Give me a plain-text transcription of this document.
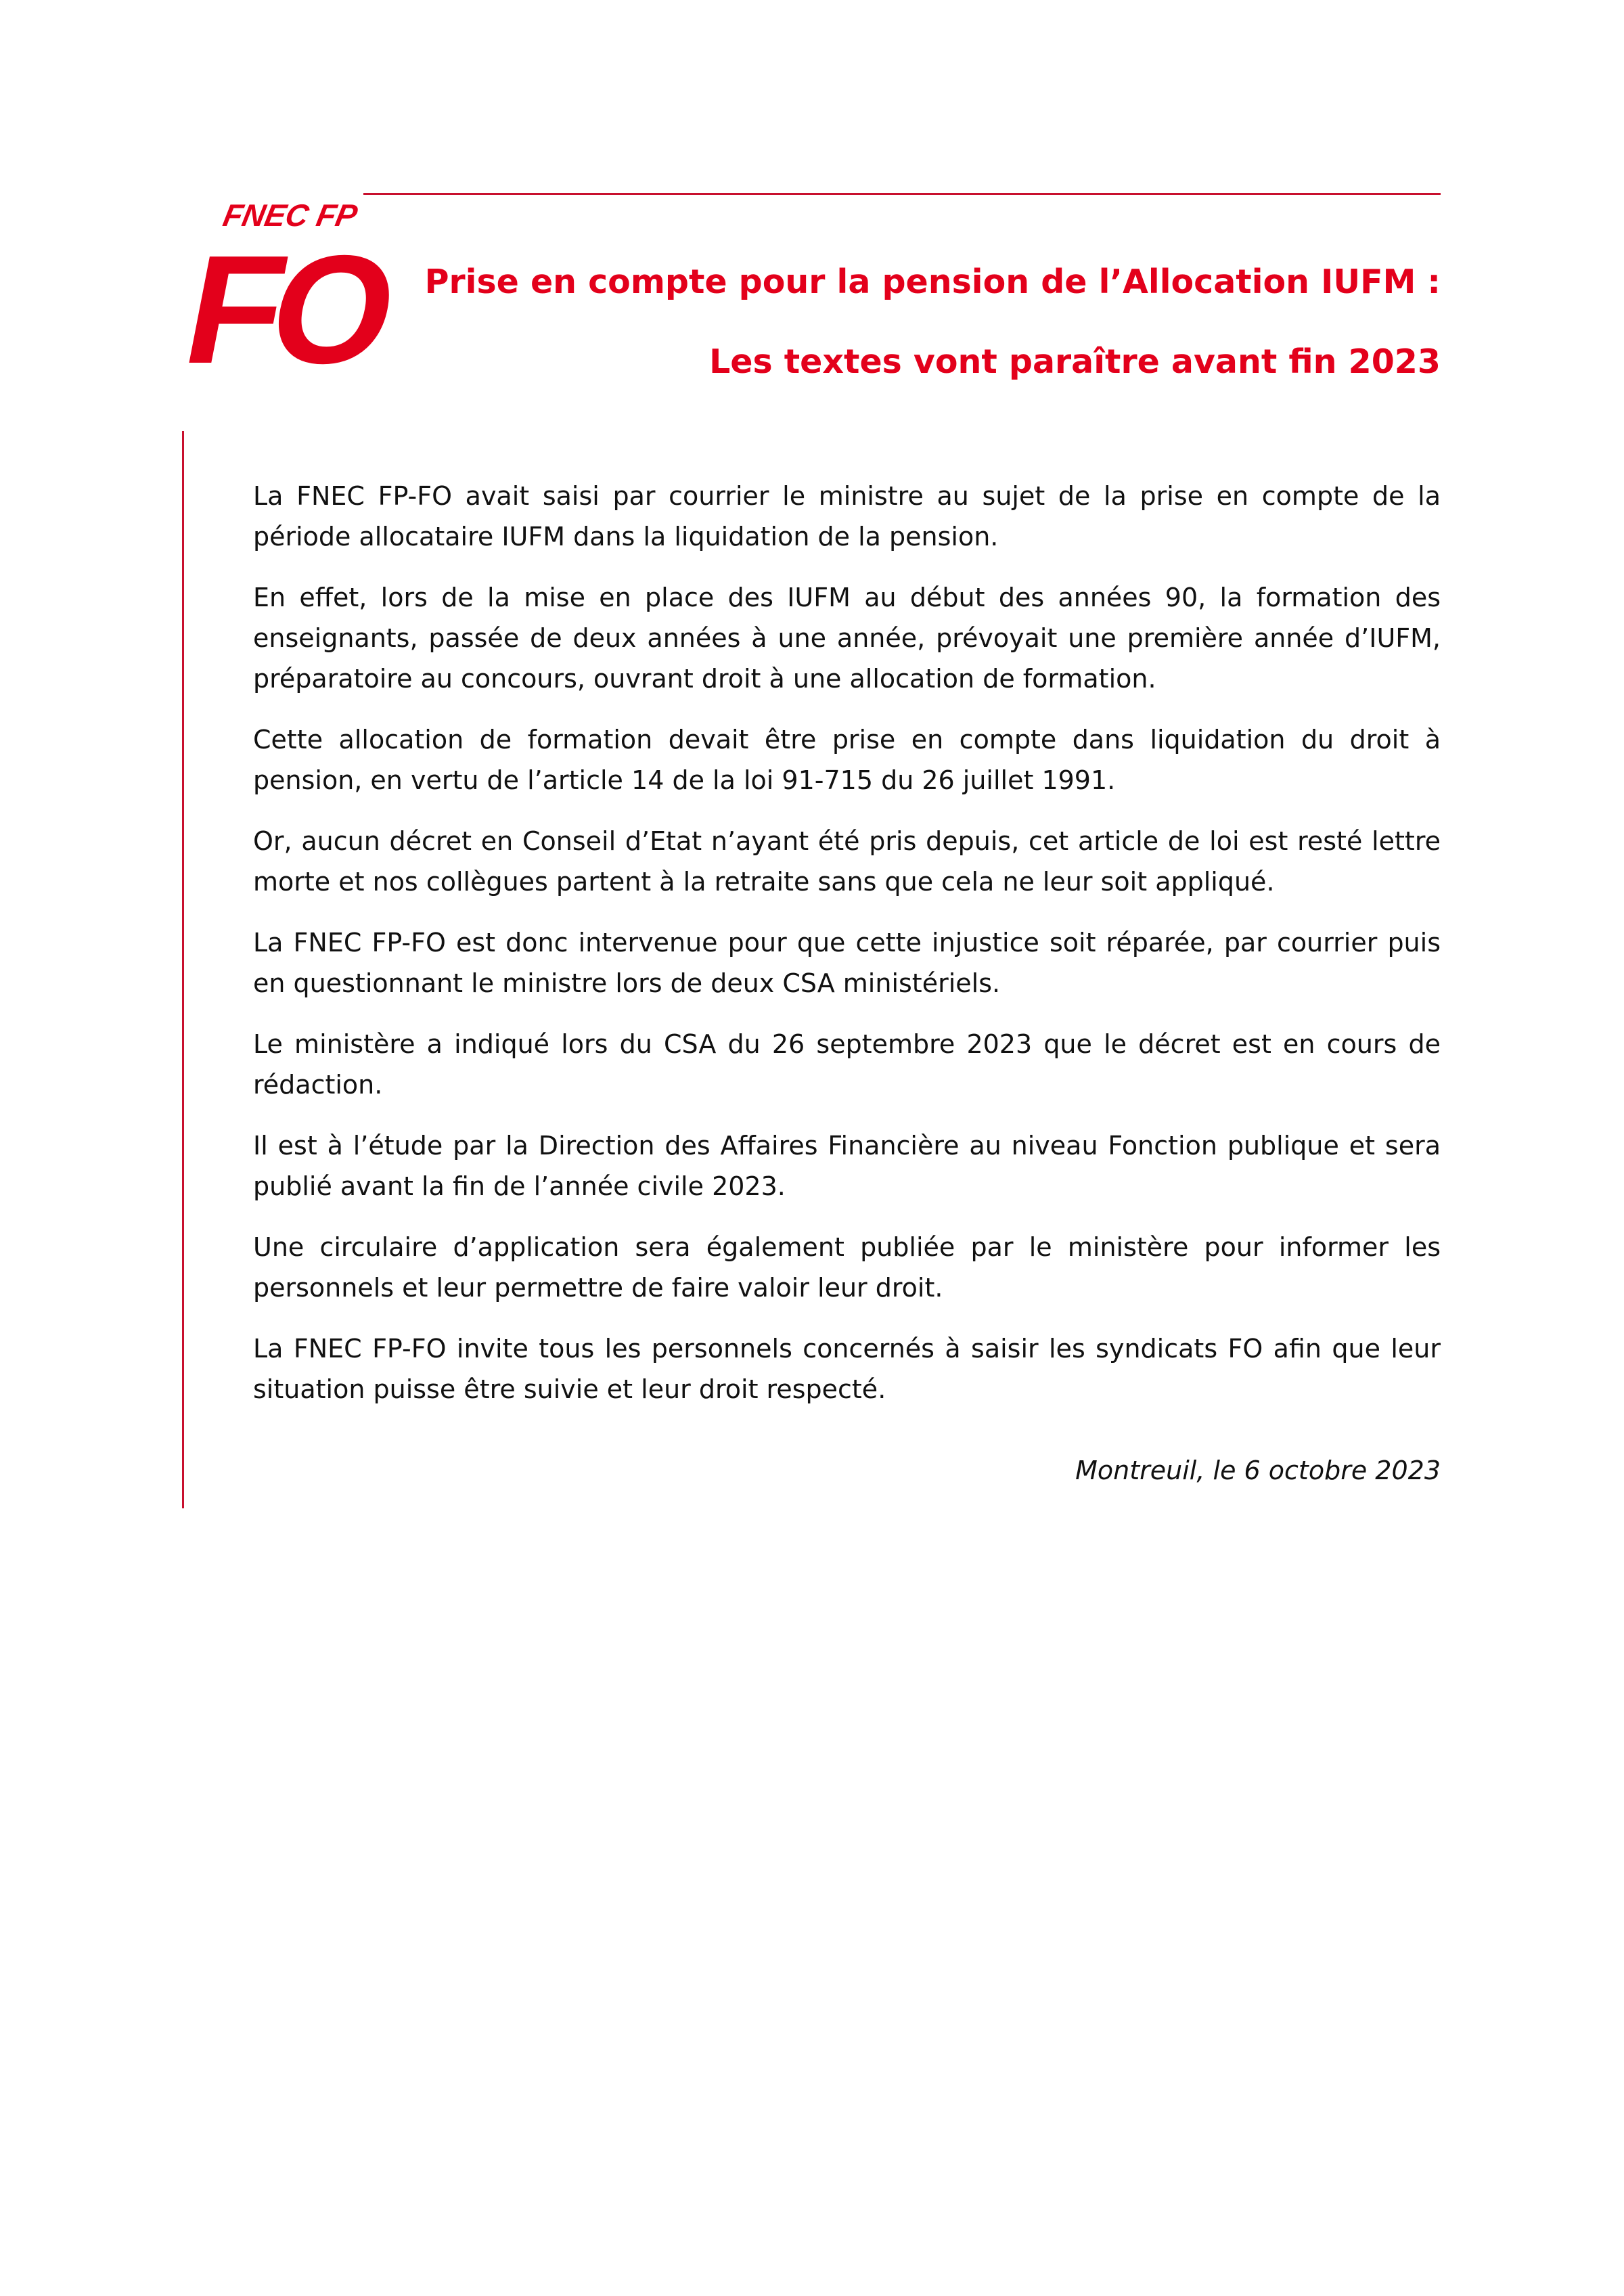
FNEC FP
FO Prise en compte pour la pension de l’Allocation IUFM :
Les textes vont paraître avant fin 2023

La FNEC FP-FO avait saisi par courrier le ministre au sujet de la prise en compte de la période allocataire IUFM dans la liquidation de la pension.

En effet, lors de la mise en place des IUFM au début des années 90, la formation des enseignants, passée de deux années à une année, prévoyait une première année d’IUFM, préparatoire au concours, ouvrant droit à une allocation de formation.

Cette allocation de formation devait être prise en compte dans liquidation du droit à pension, en vertu de l’article 14 de la loi 91-715 du 26 juillet 1991.

Or, aucun décret en Conseil d’Etat n’ayant été pris depuis, cet article de loi est resté lettre morte et nos collègues partent à la retraite sans que cela ne leur soit appliqué.

La FNEC FP-FO est donc intervenue pour que cette injustice soit réparée, par courrier puis en questionnant le ministre lors de deux CSA ministériels.

Le ministère a indiqué lors du CSA du 26 septembre 2023 que le décret est en cours de rédaction.

Il est à l’étude par la Direction des Affaires Financière au niveau Fonction publique et sera publié avant la fin de l’année civile 2023.

Une circulaire d’application sera également publiée par le ministère pour informer les personnels et leur permettre de faire valoir leur droit.

La FNEC FP-FO invite tous les personnels concernés à saisir les syndicats FO afin que leur situation puisse être suivie et leur droit respecté.

Montreuil, le 6 octobre 2023
